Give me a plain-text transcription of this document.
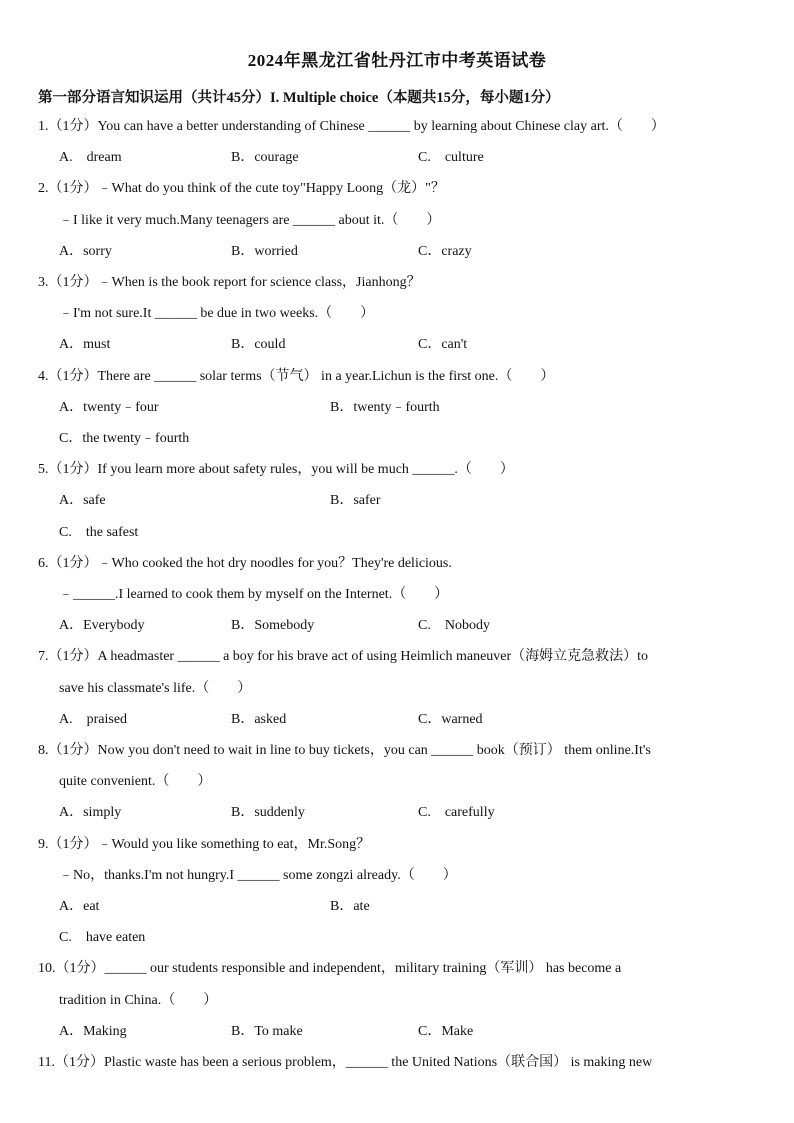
2024年黑龙江省牡丹江市中考英语试卷
第一部分语言知识运用（共计45分）I. Multiple choice（本题共15分，每小题1分）
1.（1分）You can have a better understanding of Chinese ______ by learning about Chinese clay art.（　　）
A.　dream	B．courage	C.　culture
2.（1分）﹣What do you think of the cute toy"Happy Loong（龙）"？
﹣I like it very much.Many teenagers are ______ about it.（　　）
A．sorry	B．worried	C．crazy
3.（1分）﹣When is the book report for science class，Jianhong？
﹣I'm not sure.It ______ be due in two weeks.（　　）
A．must	B．could	C．can't
4.（1分）There are ______ solar terms（节气） in a year.Lichun is the first one.（　　）
A．twenty﹣four	B．twenty﹣fourth
C．the twenty﹣fourth
5.（1分）If you learn more about safety rules，you will be much ______.（　　）
A．safe	B．safer
C.　the safest
6.（1分）﹣Who cooked the hot dry noodles for you？They're delicious.
﹣______.I learned to cook them by myself on the Internet.（　　）
A．Everybody	B．Somebody	C.　Nobody
7.（1分）A headmaster ______ a boy for his brave act of using Heimlich maneuver（海姆立克急救法）to
save his classmate's life.（　　）
A.　praised	B．asked	C．warned
8.（1分）Now you don't need to wait in line to buy tickets，you can ______ book（预订） them online.It's
quite convenient.（　　）
A．simply	B．suddenly	C.　carefully
9.（1分）﹣Would you like something to eat，Mr.Song？
﹣No，thanks.I'm not hungry.I ______ some zongzi already.（　　）
A．eat	B．ate
C.　have eaten
10.（1分）______ our students responsible and independent，military training（军训） has become a
tradition in China.（　　）
A．Making	B．To make	C．Make
11.（1分）Plastic waste has been a serious problem，______ the United Nations（联合国） is making new
